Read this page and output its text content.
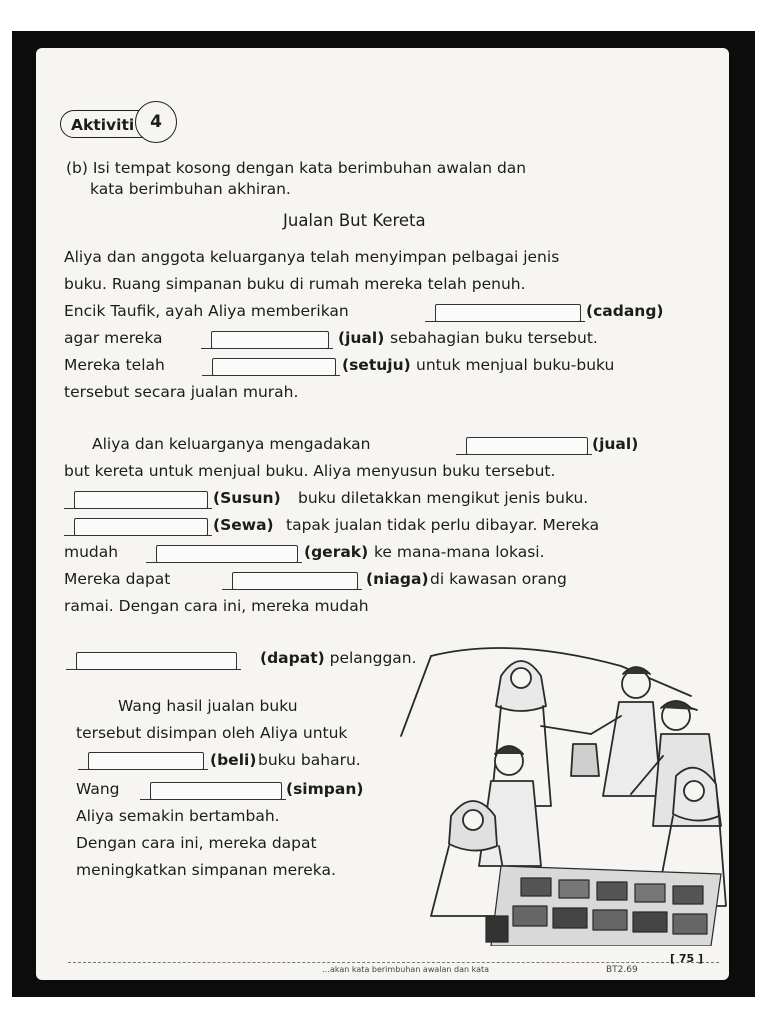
Aktiviti 4
(b) Isi tempat kosong dengan kata berimbuhan awalan dan
kata berimbuhan akhiran.
Jualan But Kereta
Aliya dan anggota keluarganya telah menyimpan pelbagai jenis
buku. Ruang simpanan buku di rumah mereka telah penuh.
Encik Taufik, ayah Aliya memberikan	(cadang)
agar mereka	(jual) sebahagian buku tersebut.
Mereka telah	(setuju) untuk menjual buku-buku
tersebut secara jualan murah.
Aliya dan keluarganya mengadakan	(jual)
but kereta untuk menjual buku. Aliya menyusun buku tersebut.
(Susun) buku diletakkan mengikut jenis buku.
(Sewa) tapak jualan tidak perlu dibayar. Mereka
mudah	(gerak) ke mana-mana lokasi.
Mereka dapat	(niaga) di kawasan orang
ramai. Dengan cara ini, mereka mudah
(dapat) pelanggan.
Wang hasil jualan buku
tersebut disimpan oleh Aliya untuk
(beli) buku baharu.
Wang	(simpan)
Aliya semakin bertambah.
Dengan cara ini, mereka dapat
meningkatkan simpanan mereka.
…akan kata berimbuhan awalan dan kata	BT2.69
[ 75 ]
